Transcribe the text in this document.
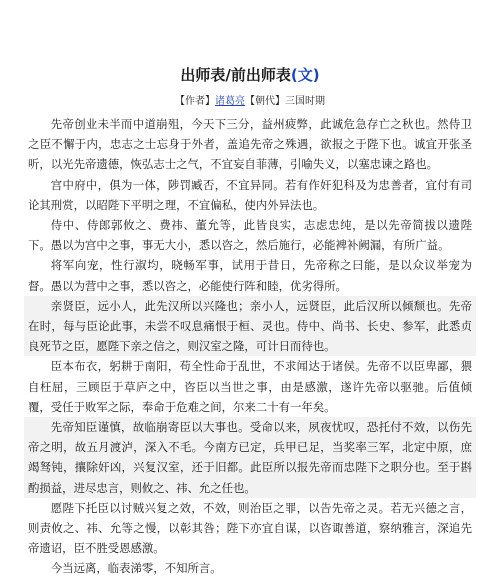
出师表/前出师表(文)
【作者】诸葛亮【朝代】三国时期

先帝创业未半而中道崩殂，今天下三分，益州疲弊，此诚危急存亡之秋也。然侍卫之臣不懈于内，忠志之士忘身于外者，盖追先帝之殊遇，欲报之于陛下也。诚宜开张圣听，以光先帝遗德，恢弘志士之气，不宜妄自菲薄，引喻失义，以塞忠谏之路也。

宫中府中，俱为一体，陟罚臧否，不宜异同。若有作奸犯科及为忠善者，宜付有司论其刑赏，以昭陛下平明之理，不宜偏私，使内外异法也。

侍中、侍郎郭攸之、费祎、董允等，此皆良实，志虑忠纯，是以先帝简拔以遗陛下。愚以为宫中之事，事无大小，悉以咨之，然后施行，必能裨补阙漏，有所广益。

将军向宠，性行淑均，晓畅军事，试用于昔日，先帝称之曰能，是以众议举宠为督。愚以为营中之事，悉以咨之，必能使行阵和睦，优劣得所。

亲贤臣，远小人，此先汉所以兴隆也；亲小人，远贤臣，此后汉所以倾颓也。先帝在时，每与臣论此事，未尝不叹息痛恨于桓、灵也。侍中、尚书、长史、参军，此悉贞良死节之臣，愿陛下亲之信之，则汉室之隆，可计日而待也。

臣本布衣，躬耕于南阳，苟全性命于乱世，不求闻达于诸侯。先帝不以臣卑鄙，猥自枉屈，三顾臣于草庐之中，咨臣以当世之事，由是感激，遂许先帝以驱驰。后值倾覆，受任于败军之际，奉命于危难之间，尔来二十有一年矣。

先帝知臣谨慎，故临崩寄臣以大事也。受命以来，夙夜忧叹，恐托付不效，以伤先帝之明，故五月渡泸，深入不毛。今南方已定，兵甲已足，当奖率三军，北定中原，庶竭驽钝，攘除奸凶，兴复汉室，还于旧都。此臣所以报先帝而忠陛下之职分也。至于斟酌损益，进尽忠言，则攸之、祎、允之任也。

愿陛下托臣以讨贼兴复之效，不效，则治臣之罪，以告先帝之灵。若无兴德之言，则责攸之、祎、允等之慢，以彰其咎；陛下亦宜自谋，以咨诹善道，察纳雅言，深追先帝遗诏，臣不胜受恩感激。

今当远离，临表涕零，不知所言。
